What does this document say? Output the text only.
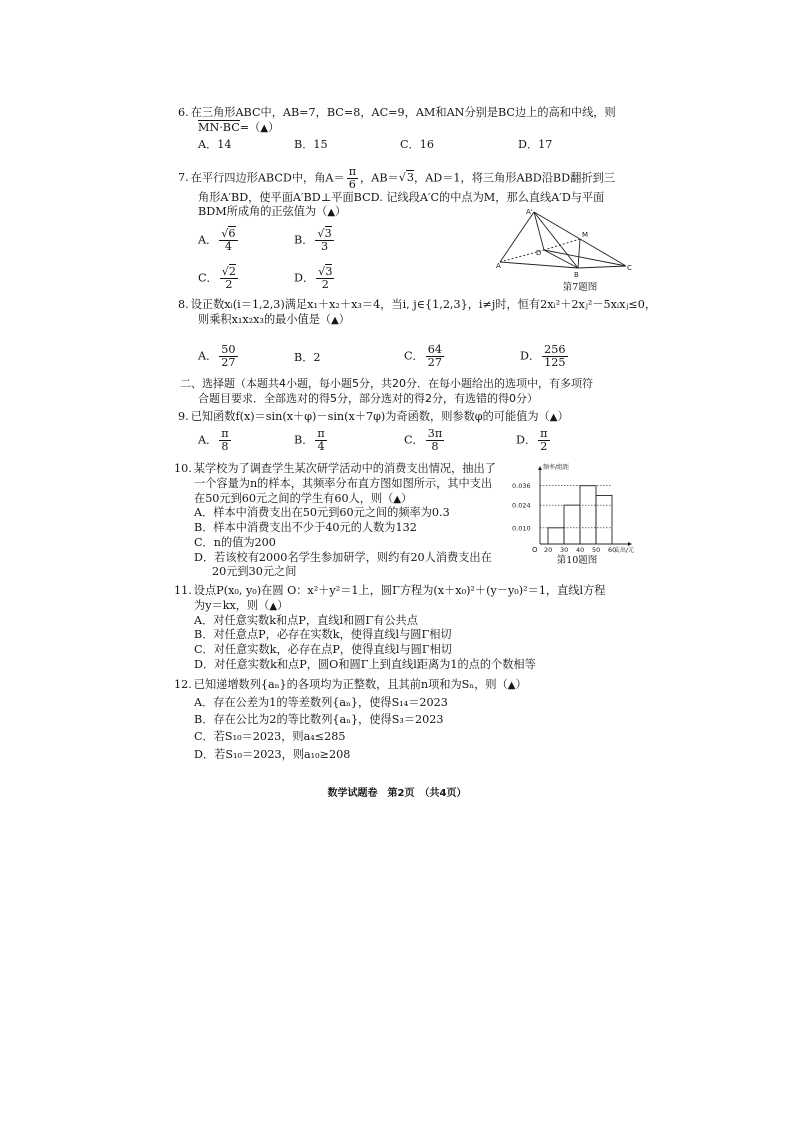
6. 在三角形ABC中，AB=7，BC=8，AC=9，AM和AN分别是BC边上的高和中线，则
MN·BC=（▲）
A．14	B．15	C．16	D．17
7. 在平行四边形ABCD中，角$A= \frac{\pi}{6}$ ，AB＝√3，AD＝1，将三角形ABD沿BD翻折到三
角形A′BD，使平面A′BD⊥平面BCD. 记线段A′C的中点为M，那么直线A′D与平面
BDM所成角的正弦值为（▲）
A． $\frac{√6}{4}$	B． $\frac{√3}{3}$
C． $\frac{√2}{2}$	D． $\frac{√3}{2}$
A'
M
D
B
A	C
第7题图
8. 设正数xᵢ(i＝1,2,3)满足x₁＋x₂＋x₃＝4，当i, j∈{1,2,3}，i≠j时，恒有2xᵢ²＋2xⱼ²－5xᵢxⱼ≤0，
则乘积x₁x₂x₃的最小值是（▲）
A． $\frac{50}{27}$	B．2	C． $\frac{64}{27}$	D． $\frac{256}{125}$
二、选择题（本题共4小题，每小题5分，共20分．在每小题给出的选项中，有多项符
合题目要求．全部选对的得5分，部分选对的得2分，有选错的得0分）
9. 已知函数f(x)＝sin(x＋φ)－sin(x＋7φ)为奇函数，则参数φ的可能值为（▲）
A． $\frac{\pi}{8}$	B． $\frac{\pi}{4}$	C． $\frac{3\pi}{8}$	D． $\frac{\pi}{2}$
10. 某学校为了调查学生某次研学活动中的消费支出情况，抽出了
一个容量为n的样本，其频率分布直方图如图所示，其中支出
在50元到60元之间的学生有60人，则（▲）
A．样本中消费支出在50元到60元之间的频率为0.3
B．样本中消费支出不少于40元的人数为132
C．n的值为200
D．若该校有2000名学生参加研学，则约有20人消费支出在
20元到30元之间
0.036
0.024
0.010
20 30 40 50 60
频率/组距
支出/元
O
第10题图
11. 设点P(x₀, y₀)在圆 O：x²＋y²＝1上，圆Γ方程为(x＋x₀)²＋(y－y₀)²＝1，直线l方程
为y＝kx，则（▲）
A．对任意实数k和点P，直线l和圆Γ有公共点
B．对任意点P，必存在实数k，使得直线l与圆Γ相切
C．对任意实数k，必存在点P，使得直线l与圆Γ相切
D．对任意实数k和点P，圆O和圆Γ上到直线l距离为1的点的个数相等
12. 已知递增数列{aₙ}的各项均为正整数，且其前n项和为Sₙ，则（▲）
A．存在公差为1的等差数列{aₙ}，使得S₁₄＝2023
B．存在公比为2的等比数列{aₙ}，使得S₃＝2023
C．若S₁₀＝2023，则a₄≤285
D．若S₁₀＝2023，则a₁₀≥208
数学试题卷　第2页　（共4页）
